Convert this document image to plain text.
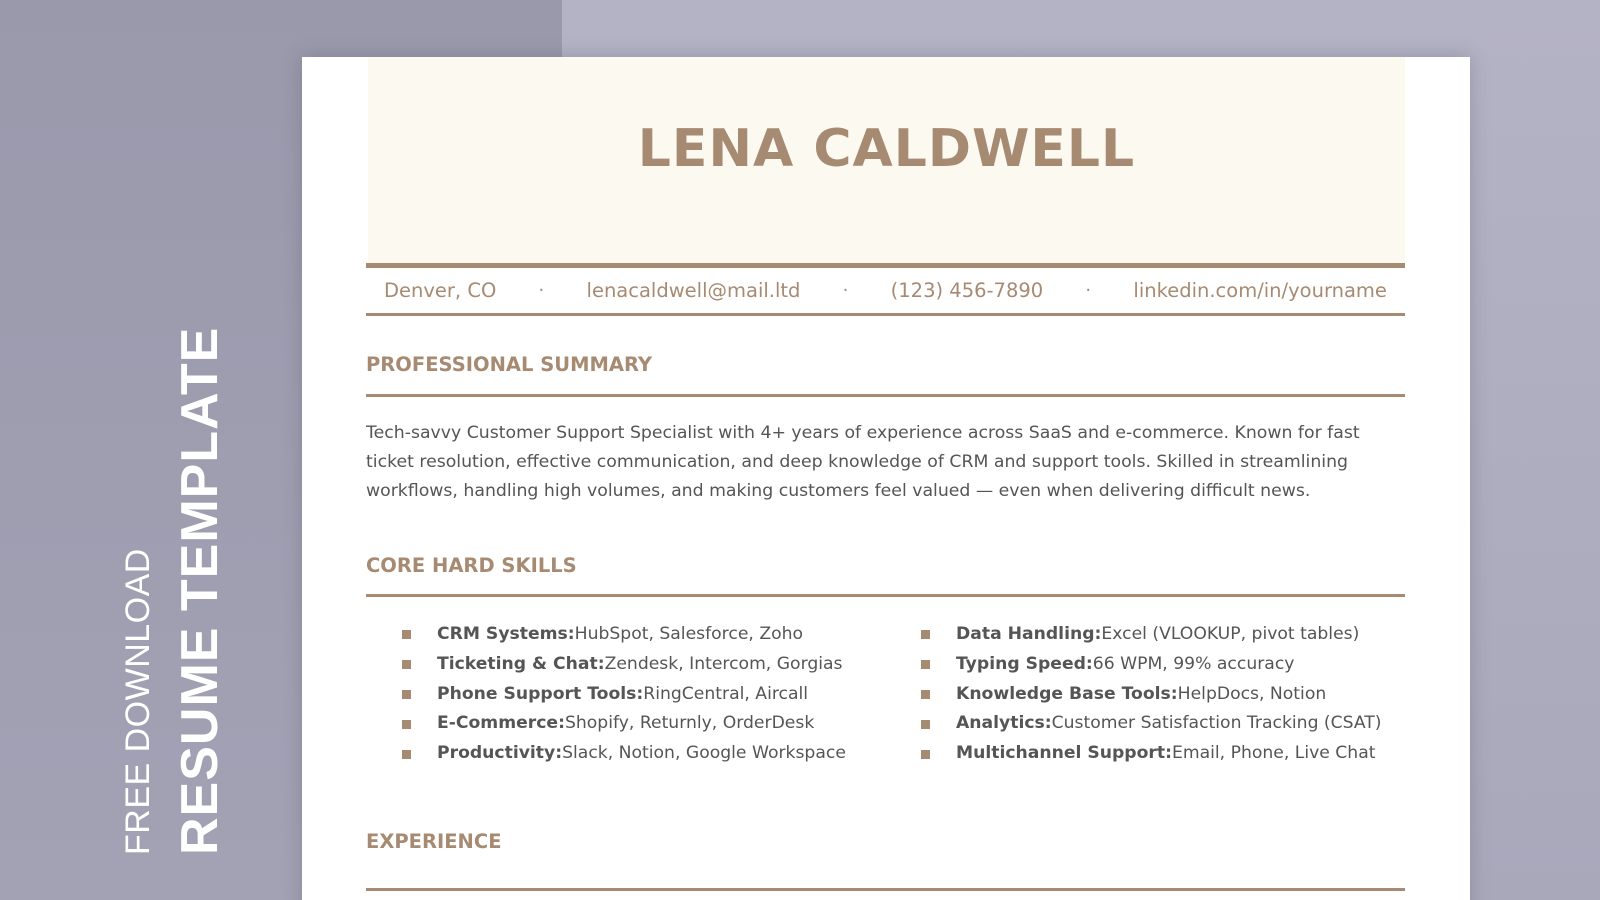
FREE DOWNLOAD RESUME TEMPLATE
LENA CALDWELL
Denver, CO · lenacaldwell@mail.ltd · (123) 456-7890 · linkedin.com/in/yourname
PROFESSIONAL SUMMARY

Tech-savvy Customer Support Specialist with 4+ years of experience across SaaS and e-commerce. Known for fast ticket resolution, effective communication, and deep knowledge of CRM and support tools. Skilled in streamlining workflows, handling high volumes, and making customers feel valued — even when delivering difficult news.

CORE HARD SKILLS
CRM Systems: HubSpot, Salesforce, Zoho
Ticketing & Chat: Zendesk, Intercom, Gorgias
Phone Support Tools: RingCentral, Aircall
E-Commerce: Shopify, Returnly, OrderDesk
Productivity: Slack, Notion, Google Workspace
Data Handling: Excel (VLOOKUP, pivot tables)
Typing Speed: 66 WPM, 99% accuracy
Knowledge Base Tools: HelpDocs, Notion
Analytics: Customer Satisfaction Tracking (CSAT)
Multichannel Support: Email, Phone, Live Chat
EXPERIENCE
